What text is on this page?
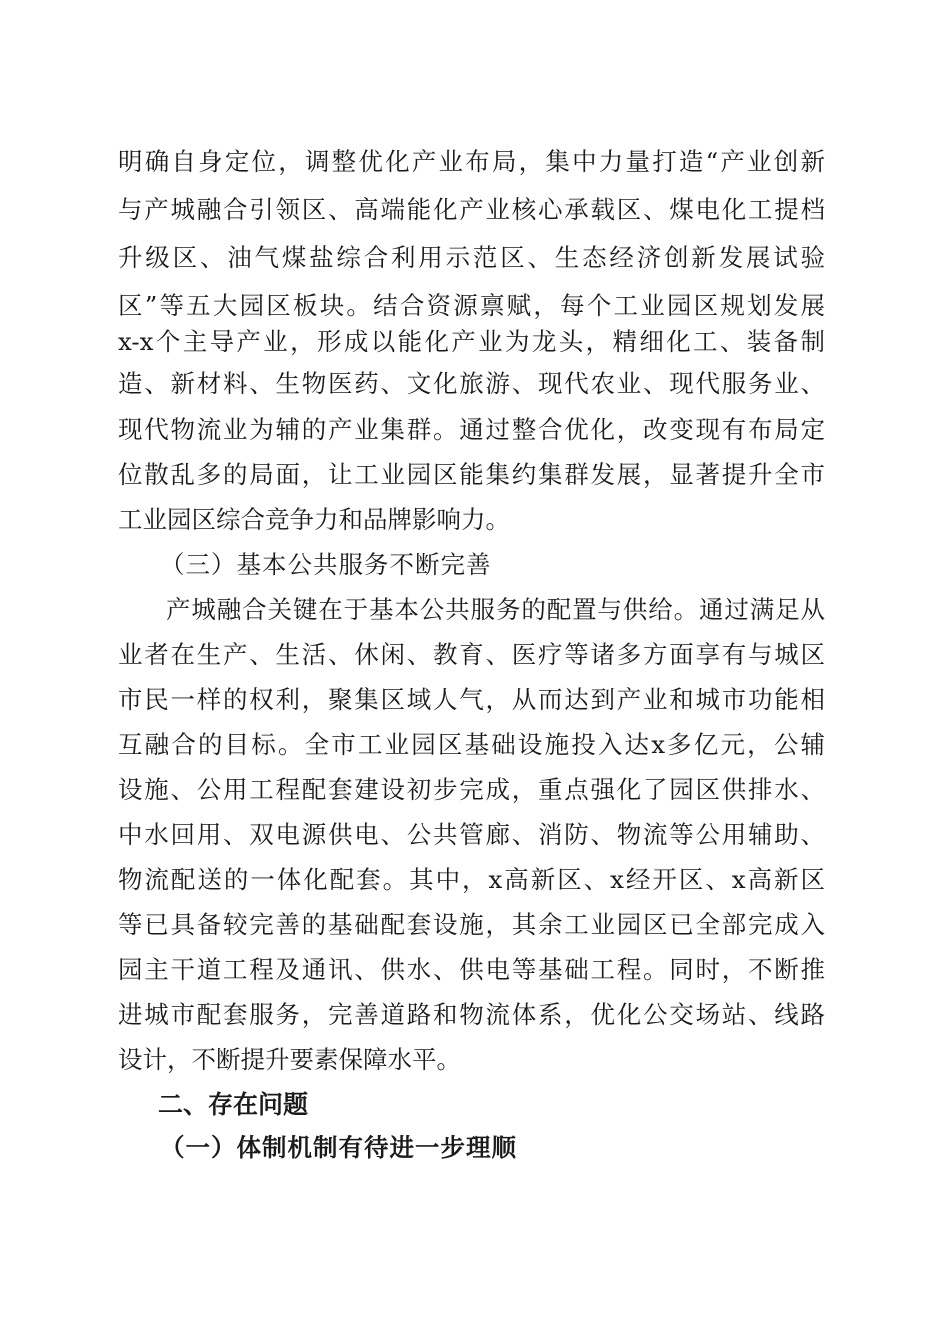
明确自身定位，调整优化产业布局，集中力量打造“产业创新

与产城融合引领区、高端能化产业核心承载区、煤电化工提档

升级区、油气煤盐综合利用示范区、生态经济创新发展试验

区”等五大园区板块。结合资源禀赋，每个工业园区规划发展

x-x个主导产业，形成以能化产业为龙头，精细化工、装备制

造、新材料、生物医药、文化旅游、现代农业、现代服务业、

现代物流业为辅的产业集群。通过整合优化，改变现有布局定

位散乱多的局面，让工业园区能集约集群发展，显著提升全市

工业园区综合竞争力和品牌影响力。

（三）基本公共服务不断完善

产城融合关键在于基本公共服务的配置与供给。通过满足从

业者在生产、生活、休闲、教育、医疗等诸多方面享有与城区

市民一样的权利，聚集区域人气，从而达到产业和城市功能相

互融合的目标。全市工业园区基础设施投入达x多亿元，公辅

设施、公用工程配套建设初步完成，重点强化了园区供排水、

中水回用、双电源供电、公共管廊、消防、物流等公用辅助、

物流配送的一体化配套。其中，x高新区、x经开区、x高新区

等已具备较完善的基础配套设施，其余工业园区已全部完成入

园主干道工程及通讯、供水、供电等基础工程。同时，不断推

进城市配套服务，完善道路和物流体系，优化公交场站、线路

设计，不断提升要素保障水平。

二、存在问题

（一）体制机制有待进一步理顺
